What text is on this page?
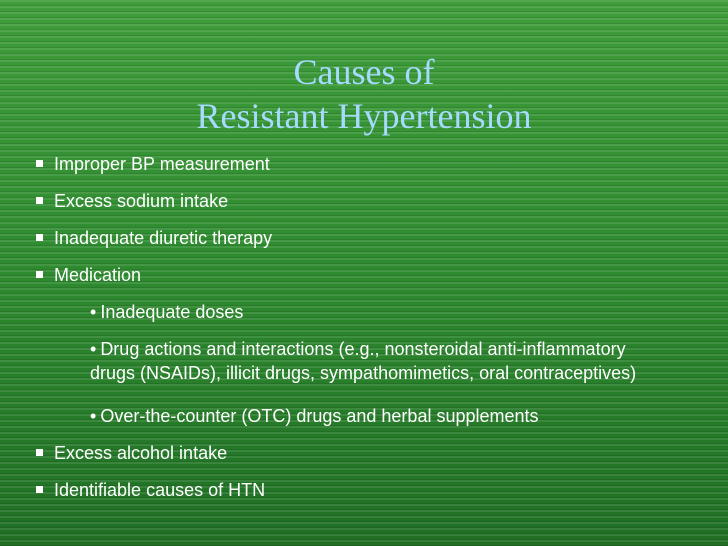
Causes of
Resistant Hypertension
Improper BP measurement
Excess sodium intake
Inadequate diuretic therapy
Medication
• Inadequate doses
• Drug actions and interactions (e.g., nonsteroidal anti-inflammatory drugs (NSAIDs), illicit drugs, sympathomimetics, oral contraceptives)
• Over-the-counter (OTC) drugs and herbal supplements
Excess alcohol intake
Identifiable causes of HTN
